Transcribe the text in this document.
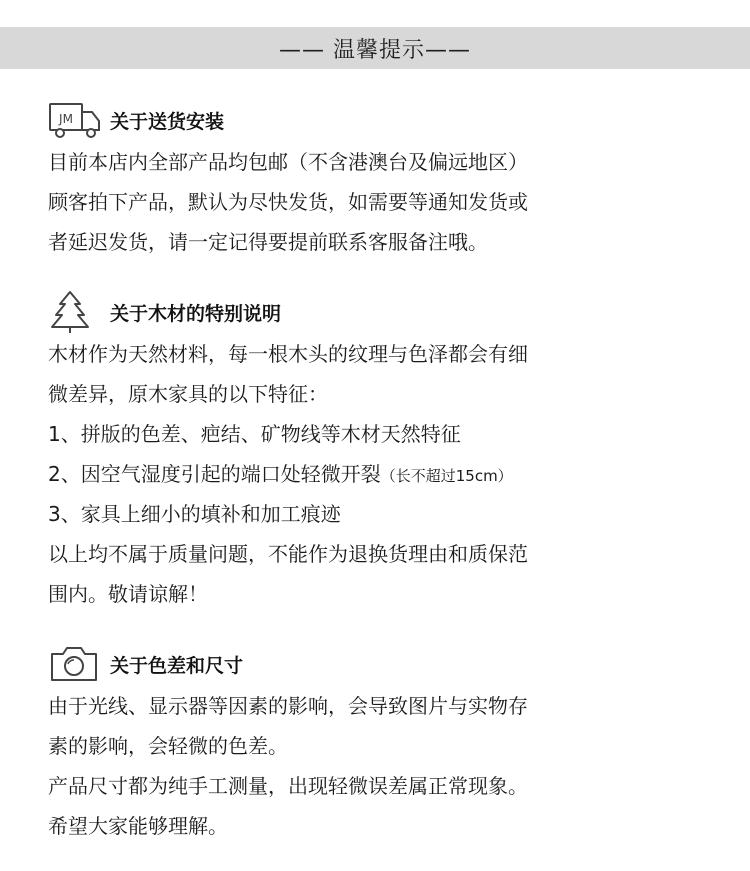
—— 温馨提示——
JM 关于送货安装
目前本店内全部产品均包邮（不含港澳台及偏远地区）
顾客拍下产品，默认为尽快发货，如需要等通知发货或
者延迟发货，请一定记得要提前联系客服备注哦。
关于木材的特别说明
木材作为天然材料，每一根木头的纹理与色泽都会有细
微差异，原木家具的以下特征：
1、拼版的色差、疤结、矿物线等木材天然特征
2、因空气湿度引起的端口处轻微开裂（长不超过15cm）
3、家具上细小的填补和加工痕迹
以上均不属于质量问题，不能作为退换货理由和质保范
围内。敬请谅解！
关于色差和尺寸
由于光线、显示器等因素的影响，会导致图片与实物存
素的影响，会轻微的色差。
产品尺寸都为纯手工测量，出现轻微误差属正常现象。
希望大家能够理解。
